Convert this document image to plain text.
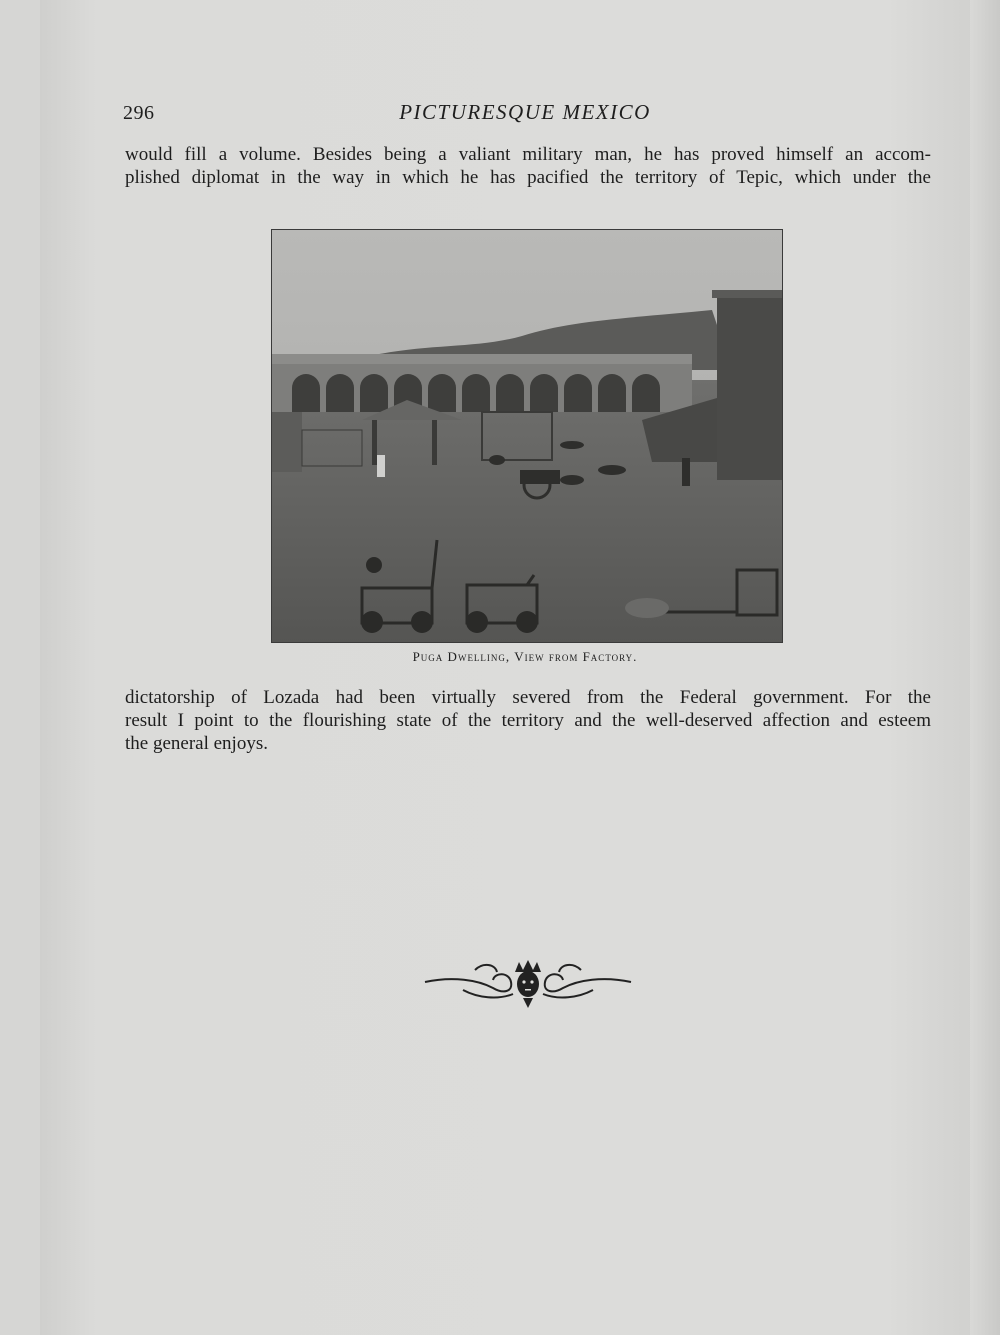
296	PICTURESQUE MEXICO

would fill a volume. Besides being a valiant military man, he has proved himself an accom-
plished diplomat in the way in which he has pacified the territory of Tepic, which under the

Puga Dwelling, View from Factory.

dictatorship of Lozada had been virtually severed from the Federal government. For the
result I point to the flourishing state of the territory and the well-deserved affection and esteem
the general enjoys.
